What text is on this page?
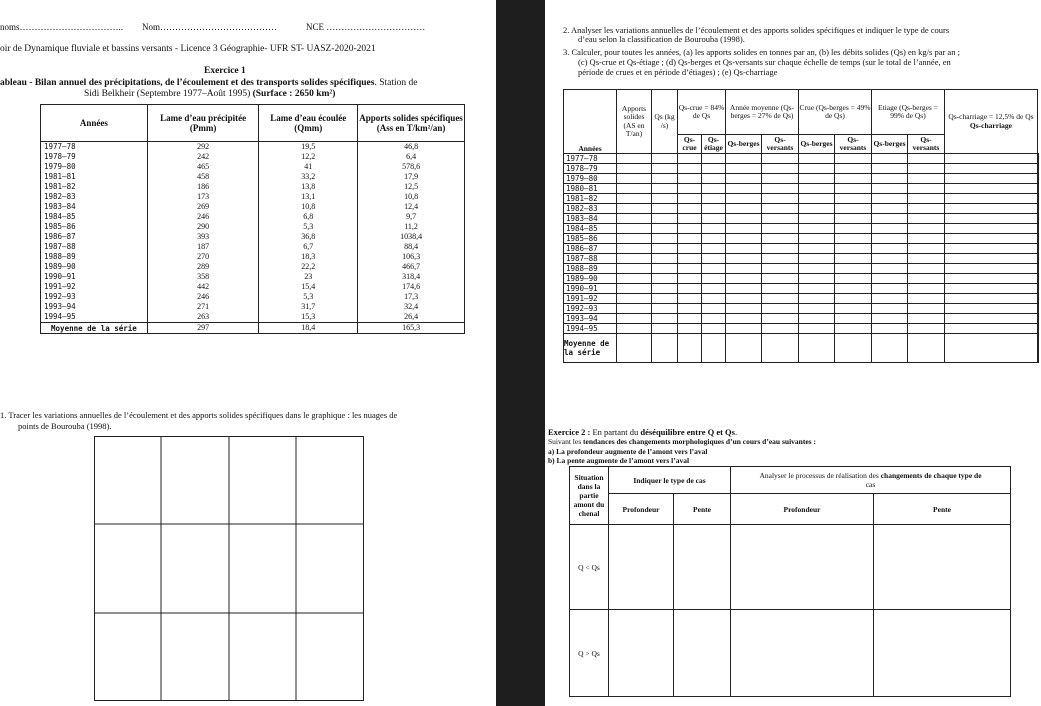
noms…………………………….. Nom…………………………………	NCE ……………………………
oir de Dynamique fluviale et bassins versants - Licence 3 Géographie- UFR ST- UASZ-2020-2021
Exercice 1
ableau - Bilan annuel des précipitations, de l’écoulement et des transports solides spécifiques. Station de
Sidi Belkheir (Septembre 1977–Août 1995) (Surface : 2650 km²)
Années	Lame d’eau précipitée (Pmm)	Lame d’eau écoulée (Qmm)	Apports solides spécifiques (Ass en T/km²/an)
1977–78	292	19,5	46,8
1978–79	242	12,2	6,4
1979–80	465	41	578,6
1981–81	458	33,2	17,9
1981–82	186	13,8	12,5
1982–83	173	13,1	10,8
1983–84	269	10,8	12,4
1984–85	246	6,8	9,7
1985–86	290	5,3	11,2
1986–87	393	36,8	1038,4
1987–88	187	6,7	88,4
1988–89	270	18,3	106,3
1989–90	289	22,2	466,7
1990–91	358	23	318,4
1991–92	442	15,4	174,6
1992–93	246	5,3	17,3
1993–94	271	31,7	32,4
1994–95	263	15,3	26,4
Moyenne de la série	297	18,4	165,3
1. Tracer les variations annuelles de l’écoulement et des apports solides spécifiques dans le graphique : les nuages de
points de Bourouba (1998).
2. Analyser les variations annuelles de l’écoulement et des apports solides spécifiques et indiquer le type de cours
d’eau selon la classification de Bourouba (1998).
3. Calculer, pour toutes les années, (a) les apports solides en tonnes par an, (b) les débits solides (Qs) en kg/s par an ;
(c) Qs-crue et Qs-étiage ; (d) Qs-berges et Qs-versants sur chaque échelle de temps (sur le total de l’année, en
période de crues et en période d’étiages) ; (e) Qs-charriage
Années	Apports solides (AS en T/an)	Qs (kg /s)	Qs-crue = 84% de Qs		Année moyenne (Qs-berges = 27% de Qs)		Crue (Qs-berges = 49% de Qs)		Etiage (Qs-berges = 99% de Qs)		Qs-charriage = 12,5% de Qs
Qs-charriage	
			Qs-crue	Qs-étiage	Qs-berges	Qs-versants	Qs-berges	Qs-versants	Qs-berges	Qs-versants		
1977–78												
1978–79												
1979–80												
1980–81												
1981–82												
1982–83												
1983–84												
1984–85												
1985–86												
1986–87												
1987–88												
1988–89												
1989–90												
1990–91												
1991–92												
1992–93												
1993–94												
1994–95												
Moyenne de la série												
Exercice 2 : En partant du déséquilibre entre Q et Qs.
Suivant les tendances des changements morphologiques d’un cours d’eau suivantes :
a) La profondeur augmente de l’amont vers l’aval
b) La pente augmente de l’amont vers l’aval
Situation dans la partie amont du chenal	Indiquer le type de cas		Analyser le processus de réalisation des changements de chaque type de
cas	
	Profondeur	Pente	Profondeur	Pente
Q < Qs				
Q > Qs				
